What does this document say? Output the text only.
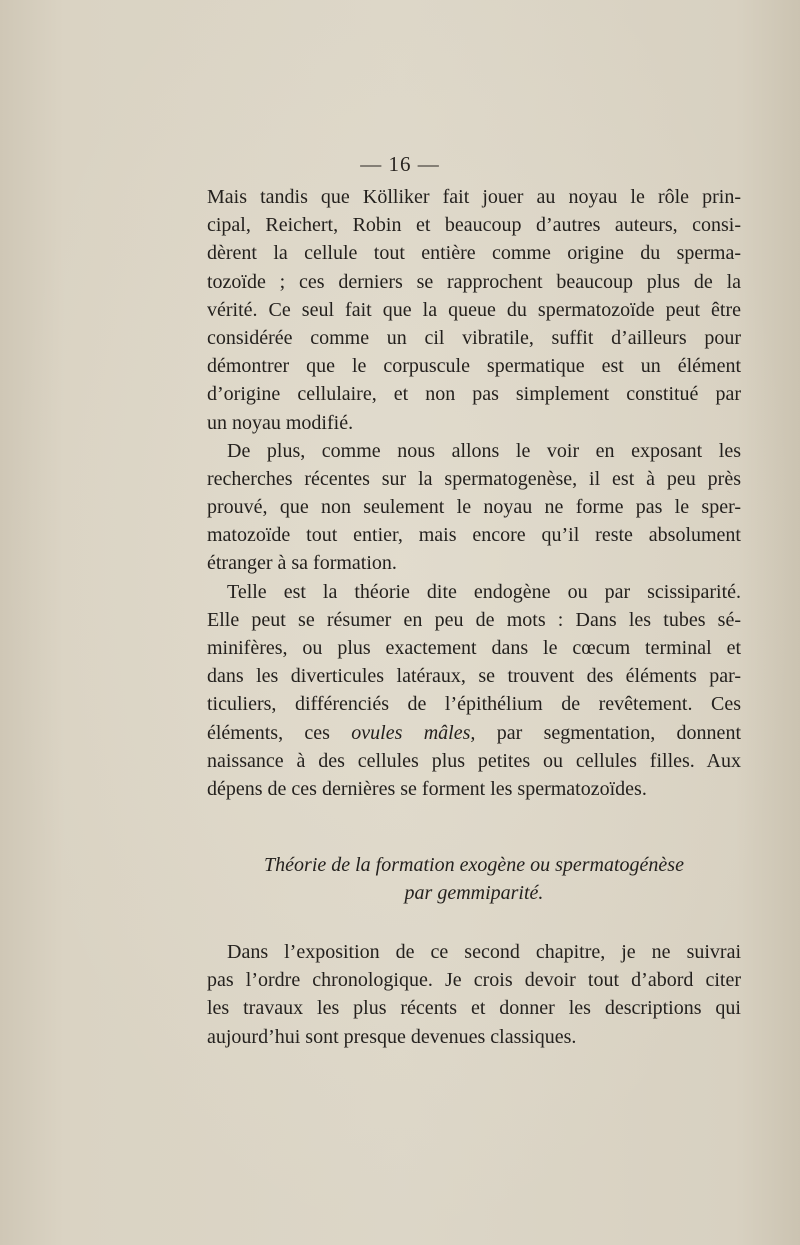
— 16 —
Mais tandis que Kölliker fait jouer au noyau le rôle prin-
cipal, Reichert, Robin et beaucoup d’autres auteurs, consi-
dèrent la cellule tout entière comme origine du sperma-
tozoïde ; ces derniers se rapprochent beaucoup plus de la
vérité. Ce seul fait que la queue du spermatozoïde peut être
considérée comme un cil vibratile, suffit d’ailleurs pour
démontrer que le corpuscule spermatique est un élément
d’origine cellulaire, et non pas simplement constitué par
un noyau modifié.
De plus, comme nous allons le voir en exposant les
recherches récentes sur la spermatogenèse, il est à peu près
prouvé, que non seulement le noyau ne forme pas le sper-
matozoïde tout entier, mais encore qu’il reste absolument
étranger à sa formation.
Telle est la théorie dite endogène ou par scissiparité.
Elle peut se résumer en peu de mots : Dans les tubes sé-
minifères, ou plus exactement dans le cœcum terminal et
dans les diverticules latéraux, se trouvent des éléments par-
ticuliers, différenciés de l’épithélium de revêtement. Ces
éléments, ces ovules mâles, par segmentation, donnent
naissance à des cellules plus petites ou cellules filles. Aux
dépens de ces dernières se forment les spermatozoïdes.
Théorie de la formation exogène ou spermatogénèse
par gemmiparité.
Dans l’exposition de ce second chapitre, je ne suivrai
pas l’ordre chronologique. Je crois devoir tout d’abord citer
les travaux les plus récents et donner les descriptions qui
aujourd’hui sont presque devenues classiques.
